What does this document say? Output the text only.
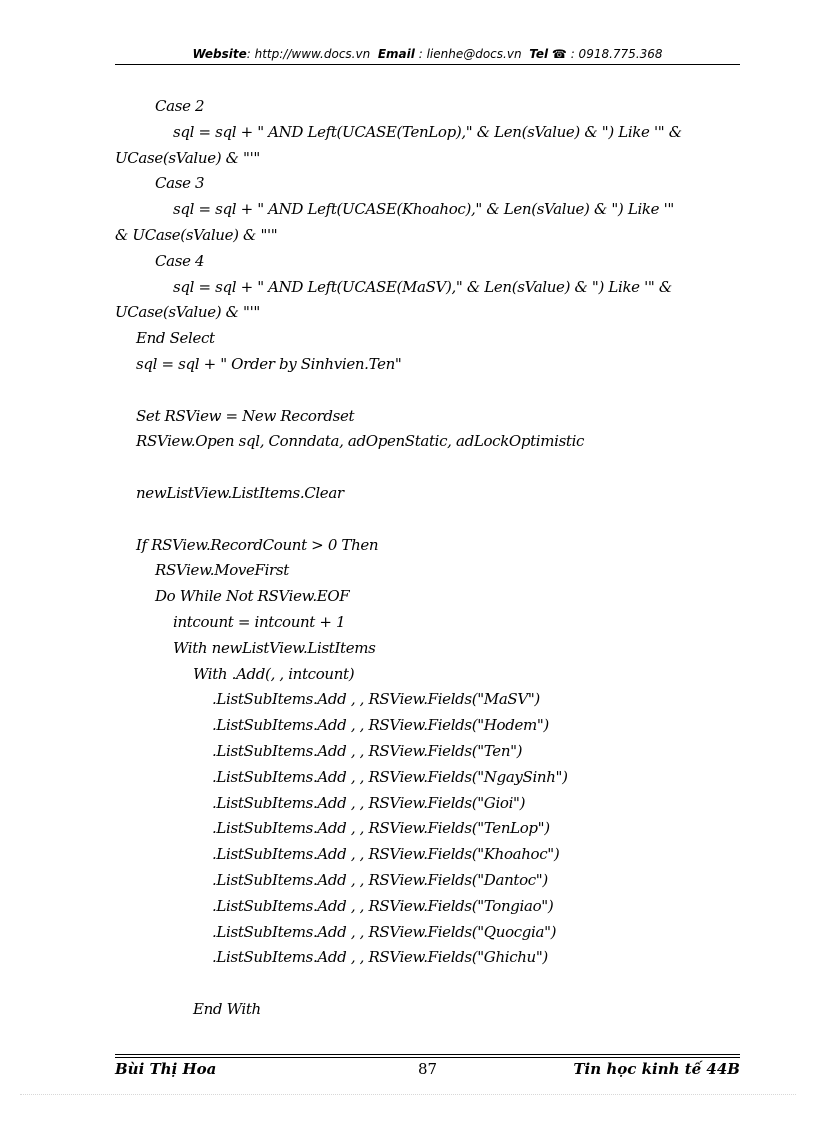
Website: http://www.docs.vn Email : lienhe@docs.vn Tel ☎ : 0918.775.368
Case 2
sql = sql + " AND Left(UCASE(TenLop)," & Len(sValue) & ") Like '" &
UCase(sValue) & "'"
Case 3
sql = sql + " AND Left(UCASE(Khoahoc)," & Len(sValue) & ") Like '"
& UCase(sValue) & "'"
Case 4
sql = sql + " AND Left(UCASE(MaSV)," & Len(sValue) & ") Like '" &
UCase(sValue) & "'"
End Select
sql = sql + " Order by Sinhvien.Ten"
Set RSView = New Recordset
RSView.Open sql, Conndata, adOpenStatic, adLockOptimistic
newListView.ListItems.Clear
If RSView.RecordCount > 0 Then
RSView.MoveFirst
Do While Not RSView.EOF
intcount = intcount + 1
With newListView.ListItems
With .Add(, , intcount)
.ListSubItems.Add , , RSView.Fields("MaSV")
.ListSubItems.Add , , RSView.Fields("Hodem")
.ListSubItems.Add , , RSView.Fields("Ten")
.ListSubItems.Add , , RSView.Fields("NgaySinh")
.ListSubItems.Add , , RSView.Fields("Gioi")
.ListSubItems.Add , , RSView.Fields("TenLop")
.ListSubItems.Add , , RSView.Fields("Khoahoc")
.ListSubItems.Add , , RSView.Fields("Dantoc")
.ListSubItems.Add , , RSView.Fields("Tongiao")
.ListSubItems.Add , , RSView.Fields("Quocgia")
.ListSubItems.Add , , RSView.Fields("Ghichu")
End With
Bùi Thị Hoa	87	Tin học kinh tế 44B
